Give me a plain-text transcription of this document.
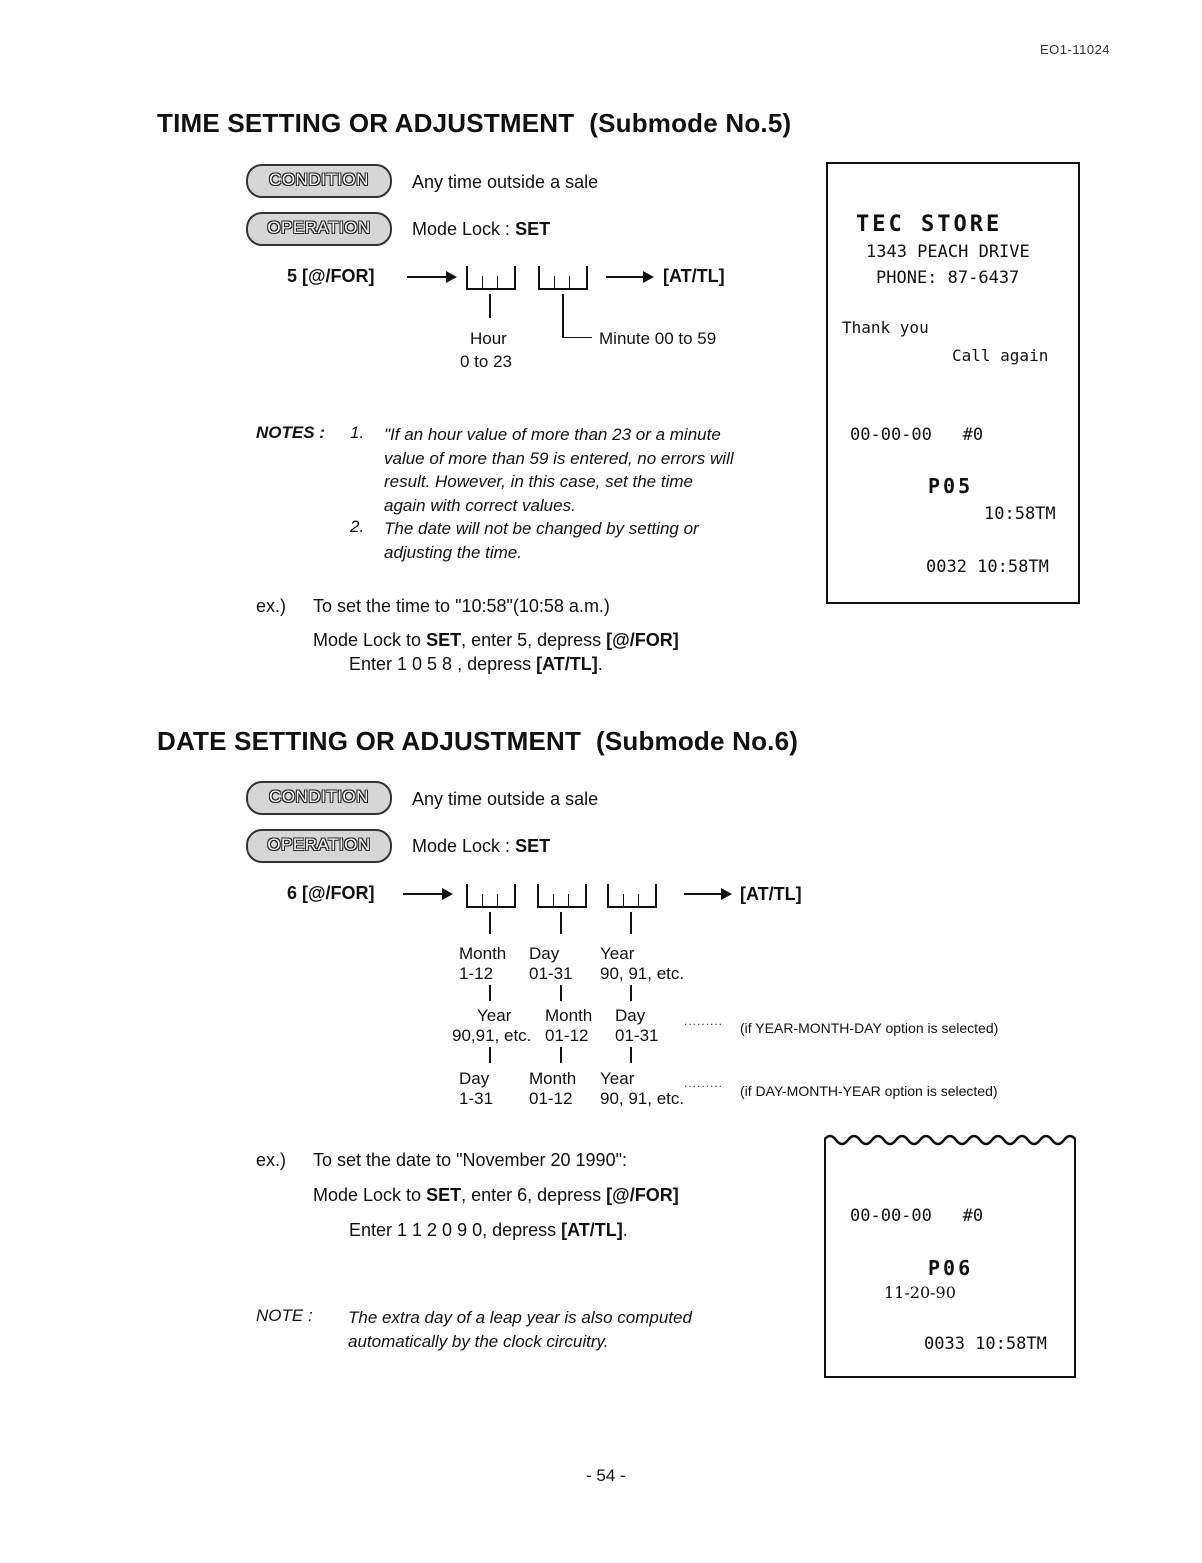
EO1-11024
TIME SETTING OR ADJUSTMENT (Submode No.5)
CONDITION	Any time outside a sale
OPERATION	Mode Lock : SET
5 [@/FOR]	[AT/TL]
Hour
0 to 23
Minute 00 to 59
NOTES : 1. "If an hour value of more than 23 or a minute
value of more than 59 is entered, no errors will
result. However, in this case, set the time
again with correct values.
2. The date will not be changed by setting or
adjusting the time.
ex.) To set the time to "10:58"(10:58 a.m.)
Mode Lock to SET, enter 5, depress [@/FOR]
Enter 1 0 5 8 , depress [AT/TL].
TEC STORE
1343 PEACH DRIVE
PHONE: 87-6437
Thank you
Call again
00-00-00   #0
P05
10:58TM
0032 10:58TM
DATE SETTING OR ADJUSTMENT (Submode No.6)
CONDITION	Any time outside a sale
OPERATION	Mode Lock : SET
6 [@/FOR]	[AT/TL]
Month Day Year
1-12 01-31 90, 91, etc.
Year Month Day
90,91, etc. 01-12 01-31
......... (if YEAR-MONTH-DAY option is selected)
Day Month Year
1-31 01-12 90, 91, etc.
......... (if DAY-MONTH-YEAR option is selected)
ex.) To set the date to "November 20 1990":
Mode Lock to SET, enter 6, depress [@/FOR]
Enter 1 1 2 0 9 0, depress [AT/TL].
NOTE : The extra day of a leap year is also computed
automatically by the clock circuitry.
00-00-00   #0
P06
11-20-90
0033 10:58TM
- 54 -
